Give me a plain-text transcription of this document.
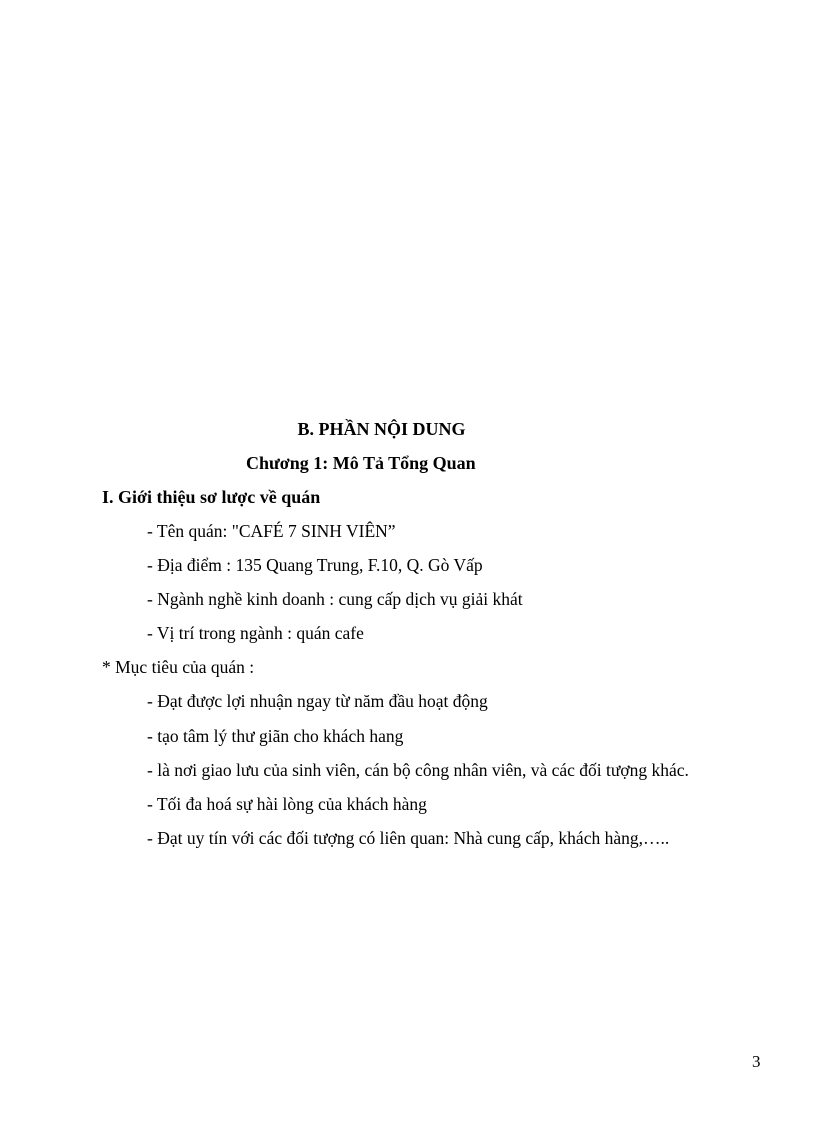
B. PHẦN NỘI DUNG
Chương 1: Mô Tả Tổng Quan
I. Giới thiệu sơ lược về quán
- Tên quán: "CAFÉ 7 SINH VIÊN”
- Địa điểm : 135 Quang Trung, F.10, Q. Gò Vấp
- Ngành nghề kinh doanh : cung cấp dịch vụ giải khát
- Vị trí trong ngành : quán cafe
* Mục tiêu của quán :
- Đạt được lợi nhuận ngay từ năm đầu hoạt động
- tạo tâm lý thư giãn cho khách hang
- là nơi giao lưu của sinh viên, cán bộ công nhân viên, và các đối tượng khác.
- Tối đa hoá sự hài lòng của khách hàng
- Đạt uy tín với các đối tượng có liên quan: Nhà cung cấp, khách hàng,…..
3
